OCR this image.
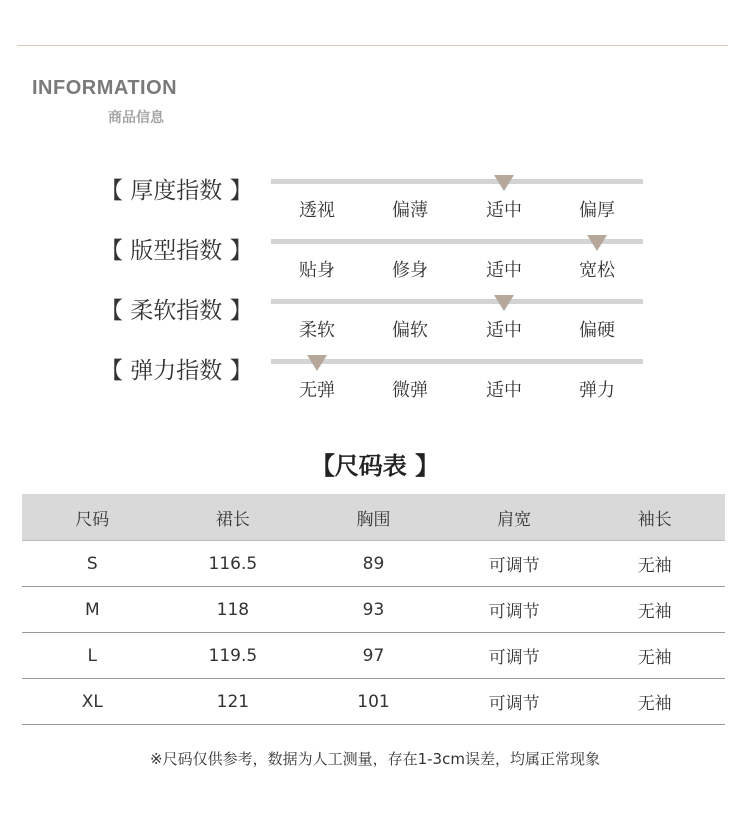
INFORMATION
商品信息
【 厚度指数 】
透视	偏薄	适中	偏厚
【 版型指数 】
贴身	修身	适中	宽松
【 柔软指数 】
柔软	偏软	适中	偏硬
【 弹力指数 】
无弹	微弹	适中	弹力
【尺码表 】
尺码	裙长	胸围	肩宽	袖长
S	116.5	89	可调节	无袖
M	118	93	可调节	无袖
L	119.5	97	可调节	无袖
XL	121	101	可调节	无袖
※尺码仅供参考，数据为人工测量，存在1-3cm误差，均属正常现象
